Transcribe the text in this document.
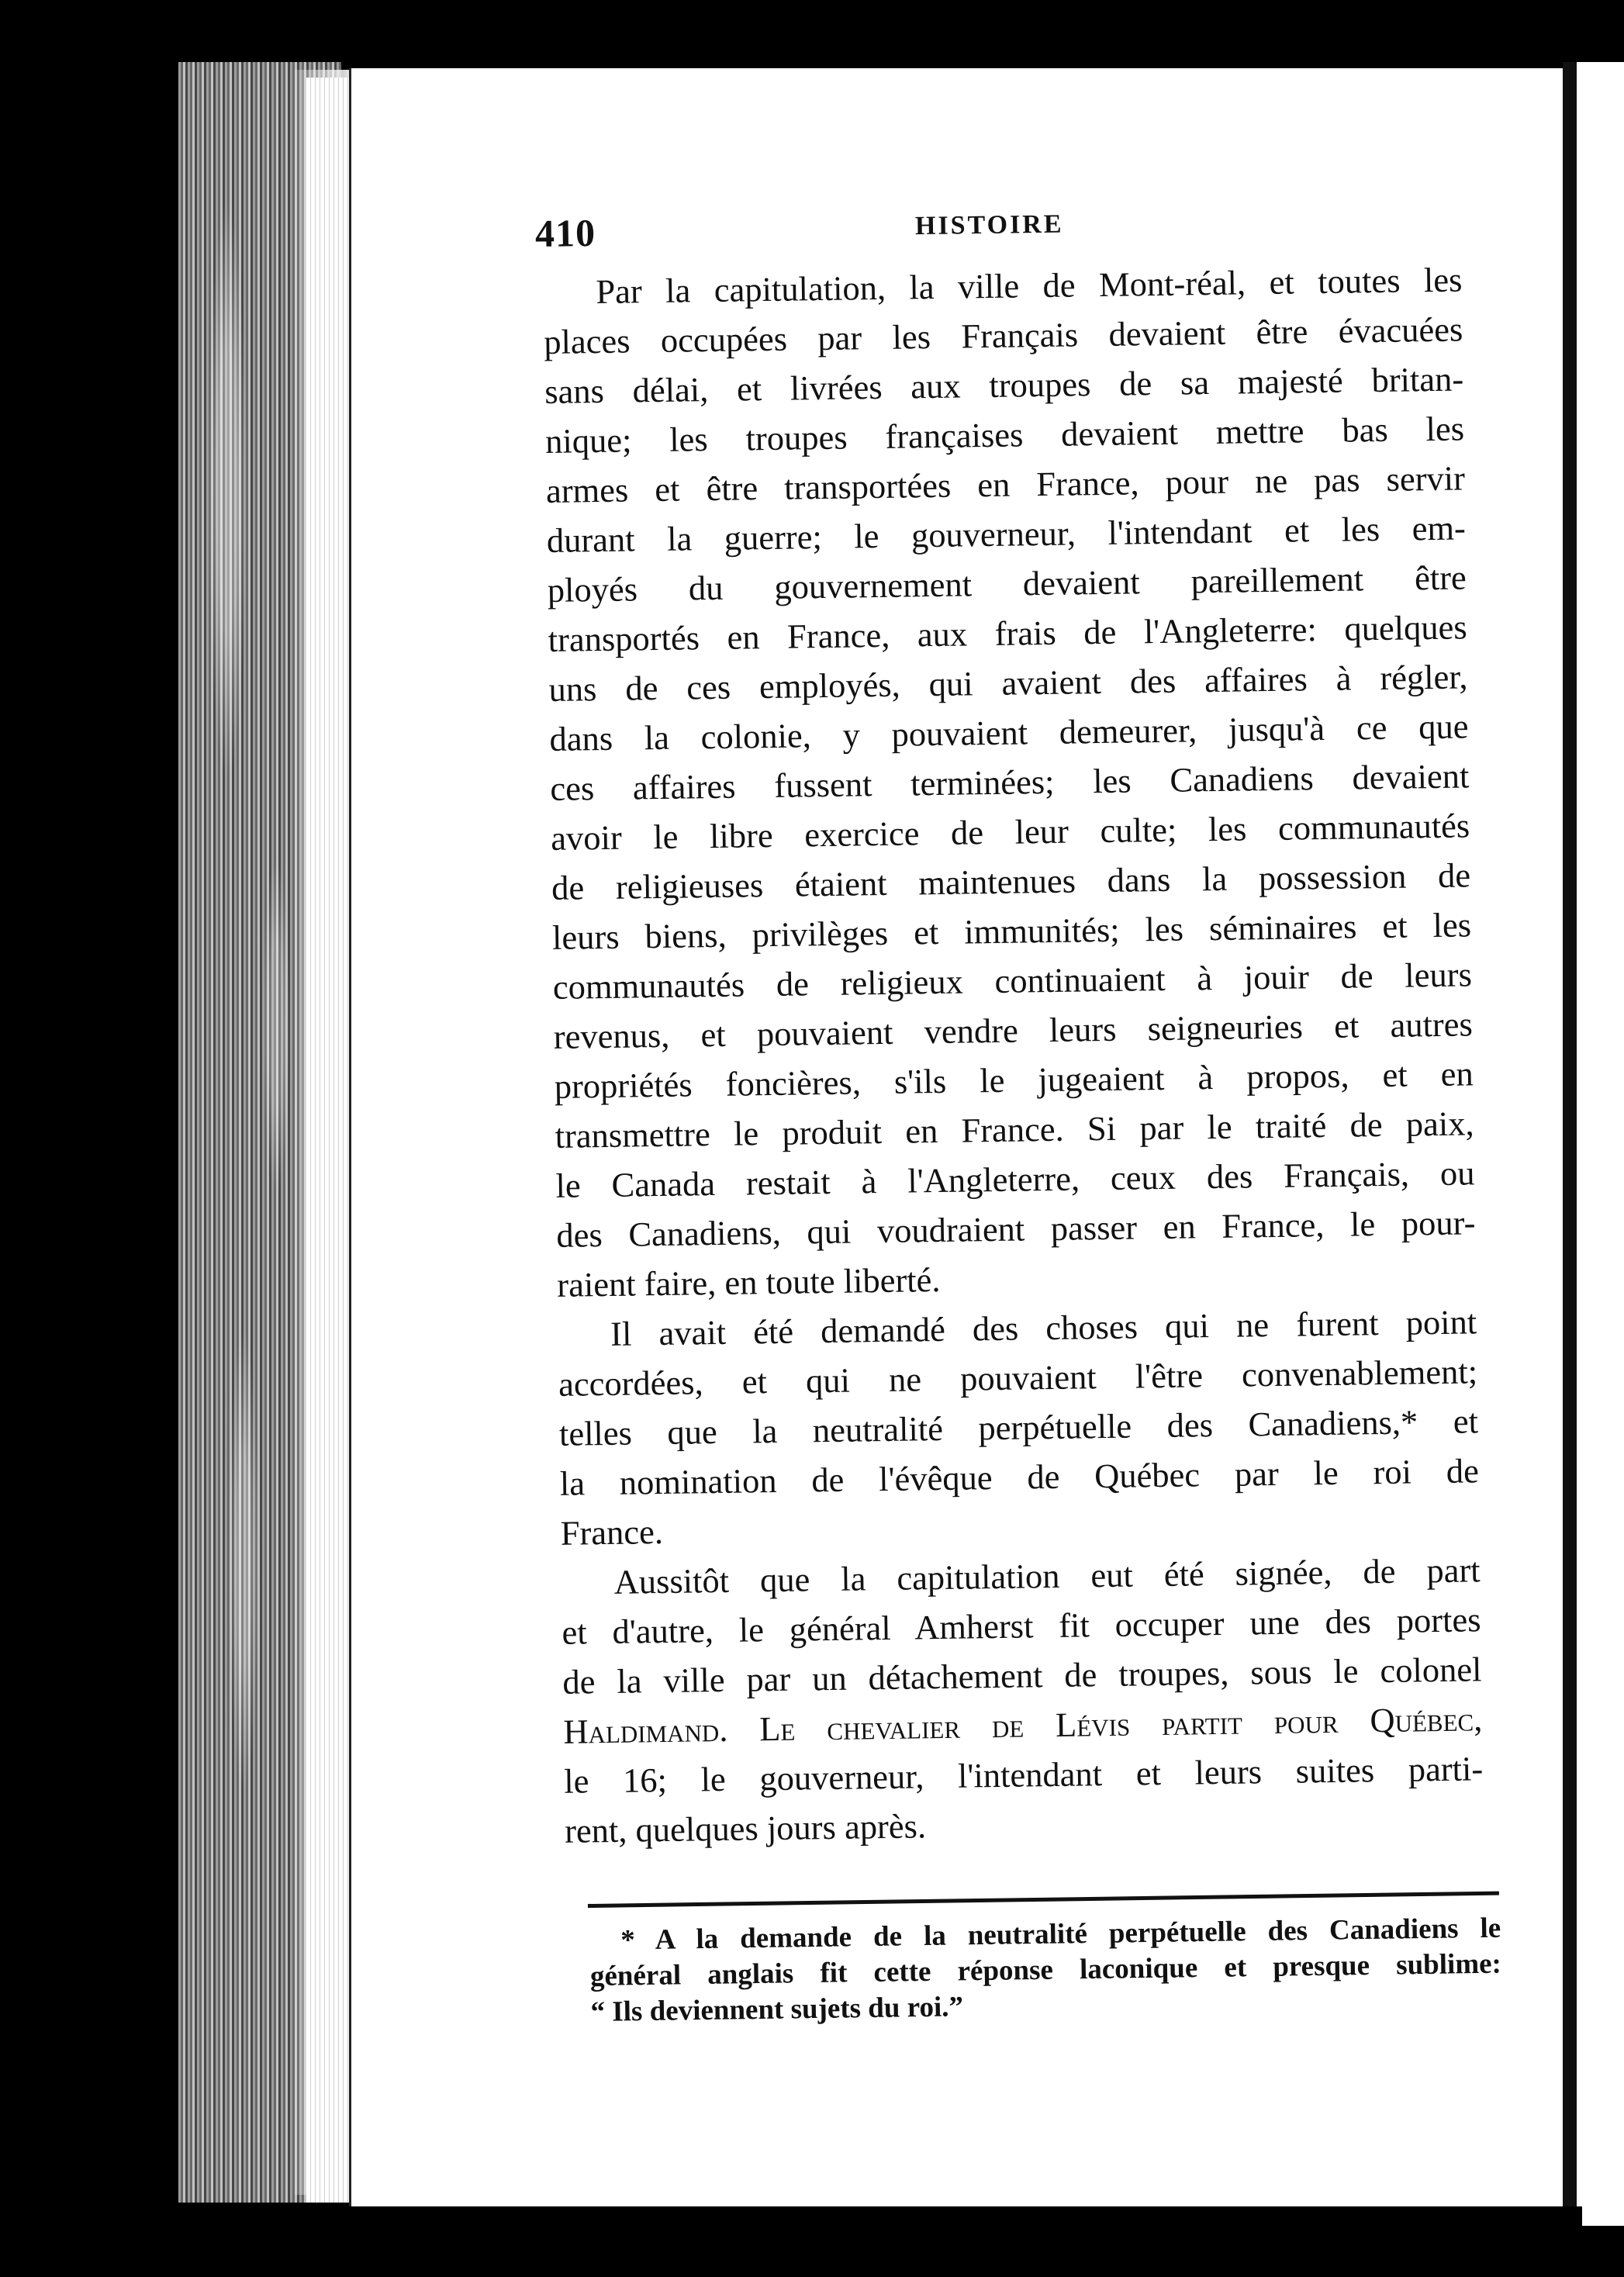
410	HISTOIRE
Par la capitulation, la ville de Mont-réal, et toutes les
places occupées par les Français devaient être évacuées
sans délai, et livrées aux troupes de sa majesté britan-
nique; les troupes françaises devaient mettre bas les
armes et être transportées en France, pour ne pas servir
durant la guerre; le gouverneur, l'intendant et les em-
ployés du gouvernement devaient pareillement être
transportés en France, aux frais de l'Angleterre: quelques
uns de ces employés, qui avaient des affaires à régler,
dans la colonie, y pouvaient demeurer, jusqu'à ce que
ces affaires fussent terminées; les Canadiens devaient
avoir le libre exercice de leur culte; les communautés
de religieuses étaient maintenues dans la possession de
leurs biens, privilèges et immunités; les séminaires et les
communautés de religieux continuaient à jouir de leurs
revenus, et pouvaient vendre leurs seigneuries et autres
propriétés foncières, s'ils le jugeaient à propos, et en
transmettre le produit en France. Si par le traité de paix,
le Canada restait à l'Angleterre, ceux des Français, ou
des Canadiens, qui voudraient passer en France, le pour-
raient faire, en toute liberté.
Il avait été demandé des choses qui ne furent point
accordées, et qui ne pouvaient l'être convenablement;
telles que la neutralité perpétuelle des Canadiens,* et
la nomination de l'évêque de Québec par le roi de
France.
Aussitôt que la capitulation eut été signée, de part
et d'autre, le général Amherst fit occuper une des portes
de la ville par un détachement de troupes, sous le colonel
Haldimand. Le chevalier de Lévis partit pour Québec,
le 16; le gouverneur, l'intendant et leurs suites parti-
rent, quelques jours après.
* A la demande de la neutralité perpétuelle des Canadiens le
général anglais fit cette réponse laconique et presque sublime:
“ Ils deviennent sujets du roi.”
